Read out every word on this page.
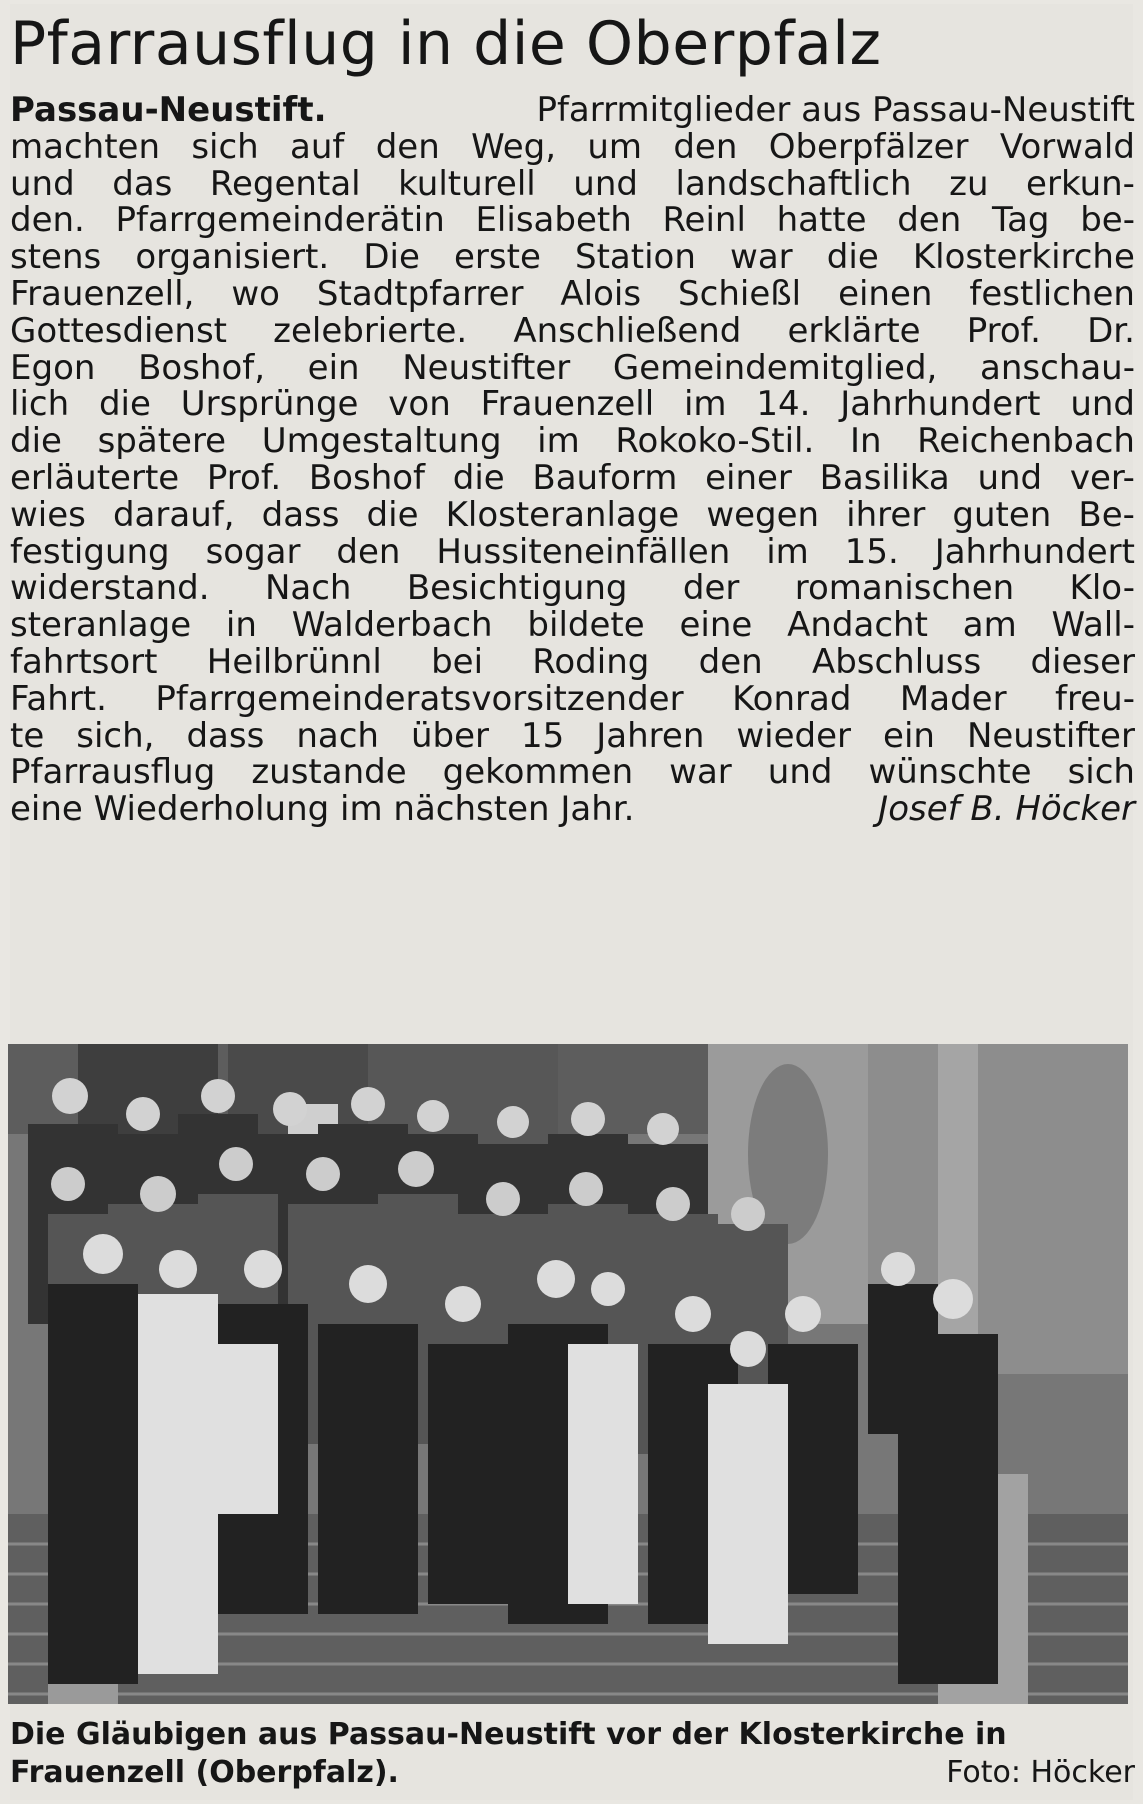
Pfarrausflug in die Oberpfalz
Passau-Neustift.	Pfarrmitglieder aus Passau-Neustift
machten sich auf den Weg, um den Oberpfälzer Vorwald
und das Regental kulturell und landschaftlich zu erkun-
den. Pfarrgemeinderätin Elisabeth Reinl hatte den Tag be-
stens organisiert. Die erste Station war die Klosterkirche
Frauenzell, wo Stadtpfarrer Alois Schießl einen festlichen
Gottesdienst zelebrierte. Anschließend erklärte Prof. Dr.
Egon Boshof, ein Neustifter Gemeindemitglied, anschau-
lich die Ursprünge von Frauenzell im 14. Jahrhundert und
die spätere Umgestaltung im Rokoko-Stil. In Reichenbach
erläuterte Prof. Boshof die Bauform einer Basilika und ver-
wies darauf, dass die Klosteranlage wegen ihrer guten Be-
festigung sogar den Hussiteneinfällen im 15. Jahrhundert
widerstand. Nach Besichtigung der romanischen Klo-
steranlage in Walderbach bildete eine Andacht am Wall-
fahrtsort Heilbrünnl bei Roding den Abschluss dieser
Fahrt. Pfarrgemeinderatsvorsitzender Konrad Mader freu-
te sich, dass nach über 15 Jahren wieder ein Neustifter
Pfarrausflug zustande gekommen war und wünschte sich
eine Wiederholung im nächsten Jahr.	Josef B. Höcker
Die Gläubigen aus Passau-Neustift vor der Klosterkirche in
Frauenzell (Oberpfalz).	Foto: Höcker
